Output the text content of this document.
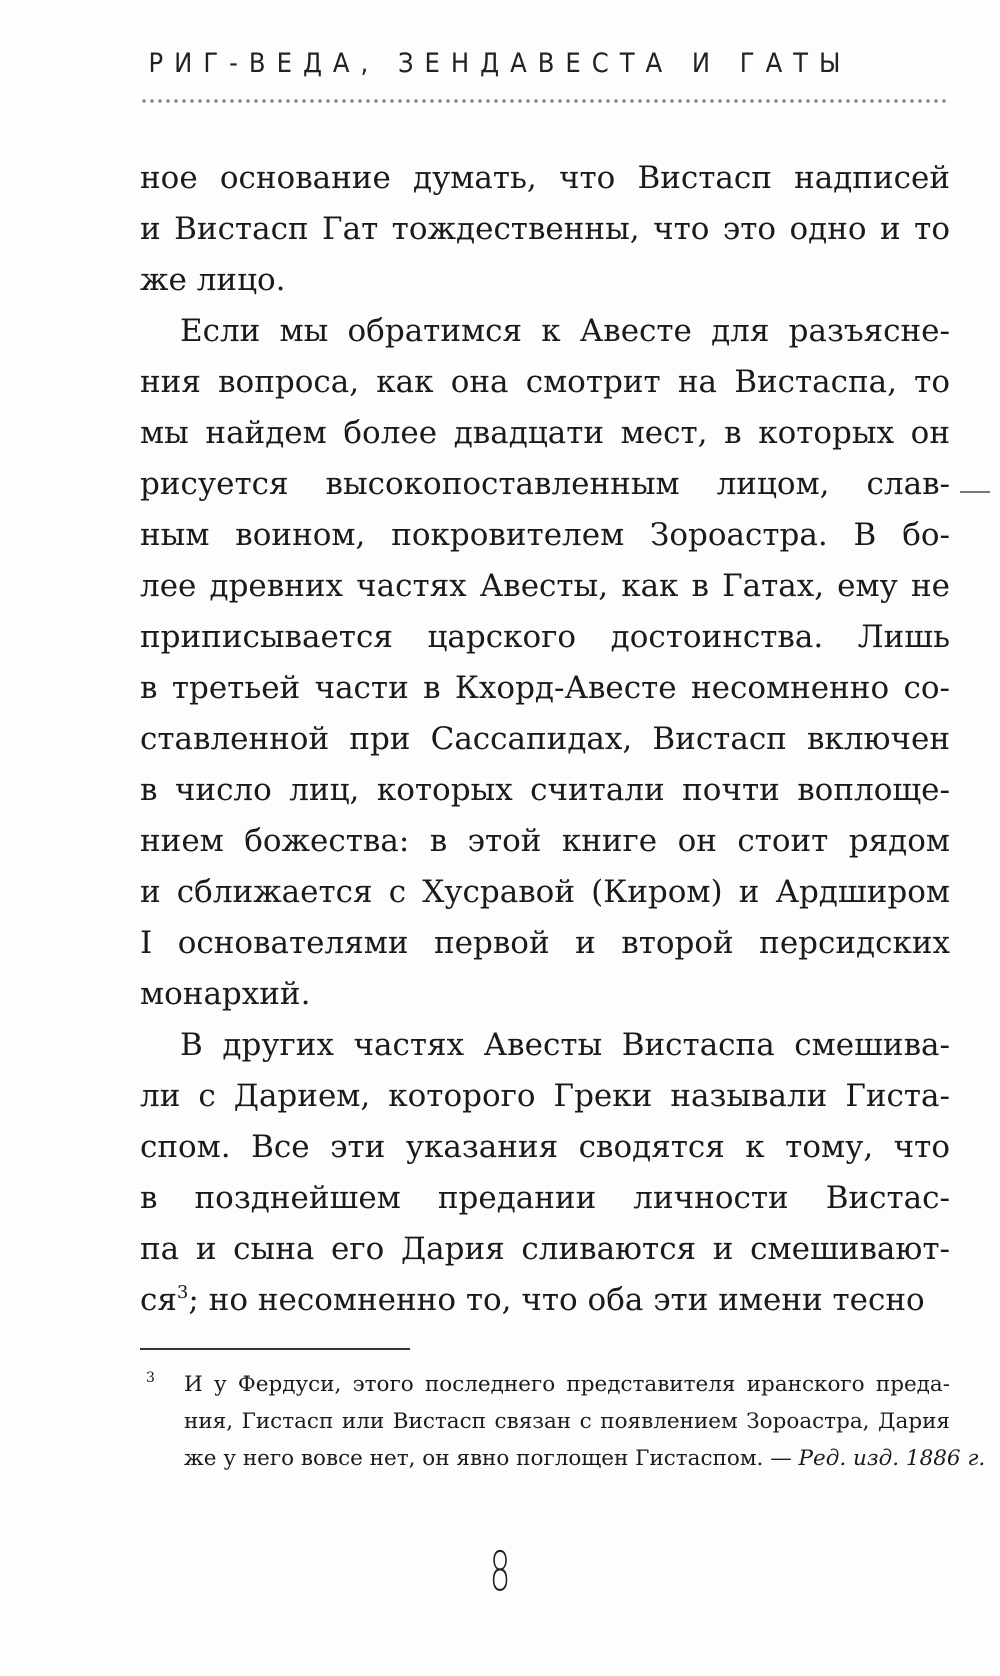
РИГ-ВЕДА, ЗЕНДАВЕСТА И ГАТЫ
ное основание думать, что Вистасп надписей
и Вистасп Гат тождественны, что это одно и то
же лицо.
Если мы обратимся к Авесте для разъясне-
ния вопроса, как она смотрит на Вистаспа, то
мы найдем более двадцати мест, в которых он
рисуется высокопоставленным лицом, слав-
ным воином, покровителем Зороастра. В бо-
лее древних частях Авесты, как в Гатах, ему не
приписывается царского достоинства. Лишь
в третьей части в Кхорд-Авесте несомненно со-
ставленной при Сассапидах, Вистасп включен
в число лиц, которых считали почти воплоще-
нием божества: в этой книге он стоит рядом
и сближается с Хусравой (Киром) и Ардширом
I основателями первой и второй персидских
монархий.
В других частях Авесты Вистаспа смешива-
ли с Дарием, которого Греки называли Гиста-
спом. Все эти указания сводятся к тому, что
в позднейшем предании личности Вистас-
па и сына его Дария сливаются и смешивают-
$ся^3$; но несомненно то, что оба эти имени тесно
3 И у Фердуси, этого последнего представителя иранского преда-
ния, Гистасп или Вистасп связан с появлением Зороастра, Дария
же у него вовсе нет, он явно поглощен Гистаспом. — Ред. изд. 1886 г.
8
